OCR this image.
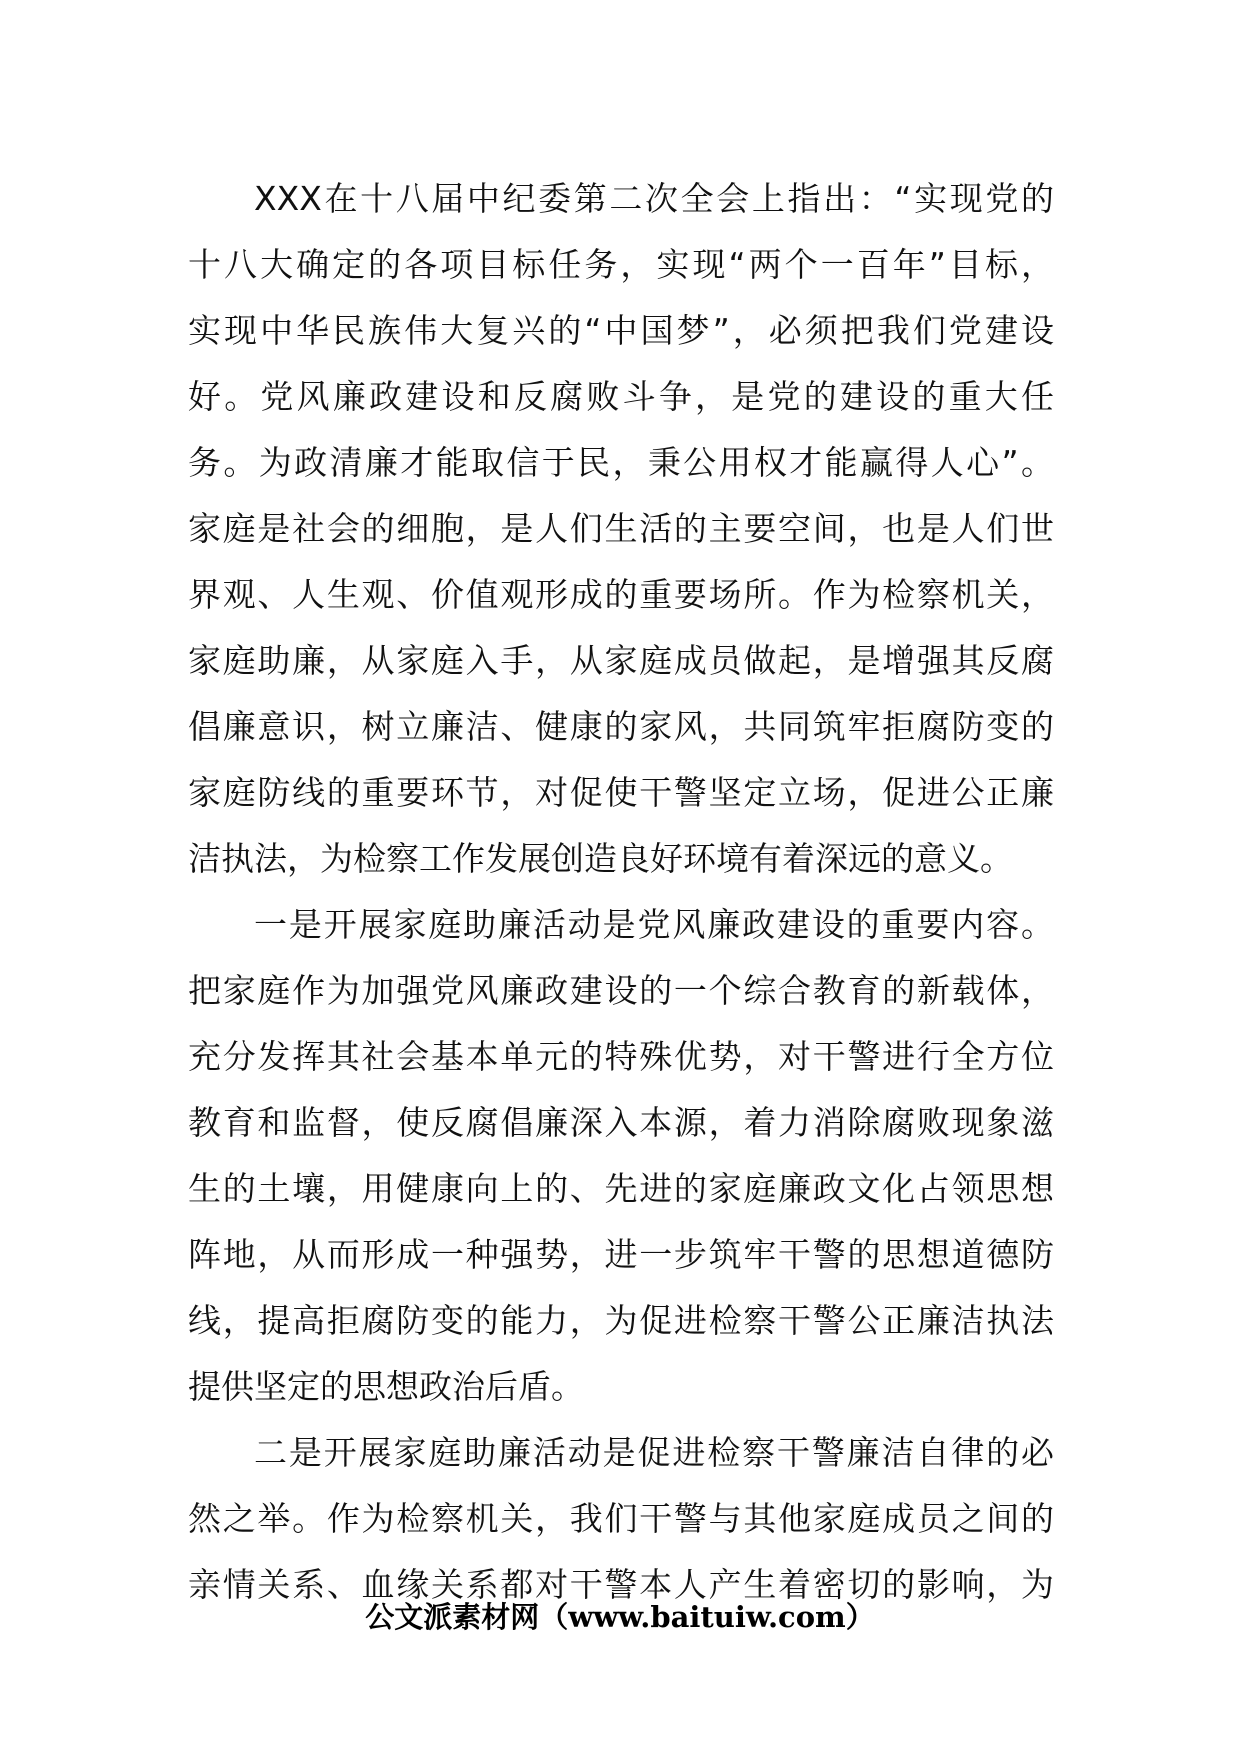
XXX在十八届中纪委第二次全会上指出：“实现党的
十八大确定的各项目标任务，实现“两个一百年”目标，
实现中华民族伟大复兴的“中国梦”，必须把我们党建设
好。党风廉政建设和反腐败斗争，是党的建设的重大任
务。为政清廉才能取信于民，秉公用权才能赢得人心”。
家庭是社会的细胞，是人们生活的主要空间，也是人们世
界观、人生观、价值观形成的重要场所。作为检察机关，
家庭助廉，从家庭入手，从家庭成员做起，是增强其反腐
倡廉意识，树立廉洁、健康的家风，共同筑牢拒腐防变的
家庭防线的重要环节，对促使干警坚定立场，促进公正廉
洁执法，为检察工作发展创造良好环境有着深远的意义。
一是开展家庭助廉活动是党风廉政建设的重要内容。
把家庭作为加强党风廉政建设的一个综合教育的新载体，
充分发挥其社会基本单元的特殊优势，对干警进行全方位
教育和监督，使反腐倡廉深入本源，着力消除腐败现象滋
生的土壤，用健康向上的、先进的家庭廉政文化占领思想
阵地，从而形成一种强势，进一步筑牢干警的思想道德防
线，提高拒腐防变的能力，为促进检察干警公正廉洁执法
提供坚定的思想政治后盾。
二是开展家庭助廉活动是促进检察干警廉洁自律的必
然之举。作为检察机关，我们干警与其他家庭成员之间的
亲情关系、血缘关系都对干警本人产生着密切的影响，为
公文派素材网（www.baituiw.com）
